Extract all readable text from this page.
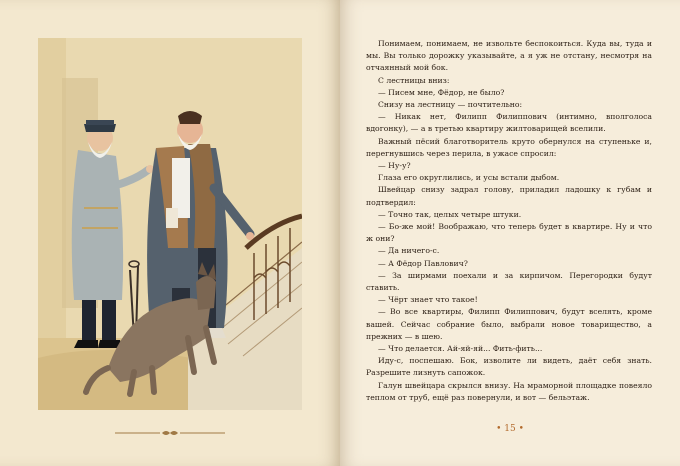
Понимаем, понимаем, не извольте беспокоиться. Куда вы, туда и мы. Вы только дорожку указывайте, а я уж не отстану, несмотря на отчаянный мой бок.

С лестницы вниз:

— Писем мне, Фёдор, не было?

Снизу на лестницу — почтительно:

— Никак нет, Филипп Филиппович (интимно, вполголоса вдогонку), — а в третью квартиру жилтоварищей вселили.

Важный пёсий благотворитель круто обернулся на ступеньке и, перегнувшись через перила, в ужасе спросил:

— Ну-у?

Глаза его округлились, и усы встали дыбом.

Швейцар снизу задрал голову, приладил ладошку к губам и подтвердил:

— Точно так, целых четыре штуки.

— Бо-же мой! Воображаю, что теперь будет в квартире. Ну и что ж они?

— Да ничего-с.

— А Фёдор Павлович?

— За ширмами поехали и за кирпичом. Перегородки будут ставить.

— Чёрт знает что такое!

— Во все квартиры, Филипп Филиппович, будут вселять, кроме вашей. Сейчас собрание было, выбрали новое товарищество, а прежних — в шею.

— Что делается. Ай-яй-яй... Фить-фить...

Иду-с, поспешаю. Бок, изволите ли видеть, даёт себя знать. Разрешите лизнуть сапожок.

Галун швейцара скрылся внизу. На мраморной площадке повеяло теплом от труб, ещё раз повернули, и вот — бельэтаж.

• 15 •
